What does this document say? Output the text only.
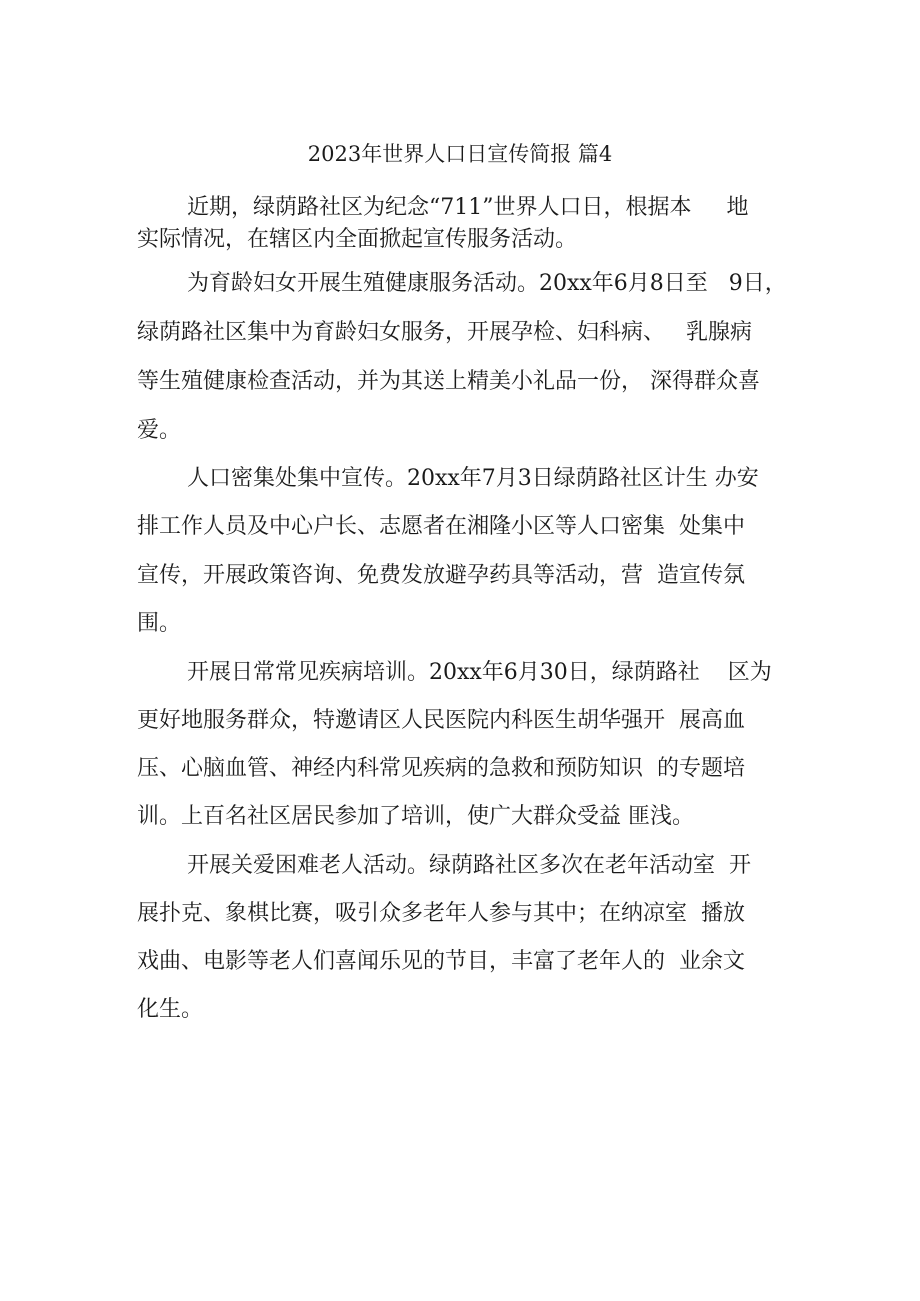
2023年世界人口日宣传简报 篇4
近期，绿荫路社区为纪念“711”世界人口日，根据本     地
实际情况，在辖区内全面掀起宣传服务活动。
为育龄妇女开展生殖健康服务活动。20xx年6月8日至   9日，
绿荫路社区集中为育龄妇女服务，开展孕检、妇科病、   乳腺病
等生殖健康检查活动，并为其送上精美小礼品一份， 深得群众喜
爱。
人口密集处集中宣传。20xx年7月3日绿荫路社区计生 办安
排工作人员及中心户长、志愿者在湘隆小区等人口密集  处集中
宣传，开展政策咨询、免费发放避孕药具等活动，营  造宣传氛
围。
开展日常常见疾病培训。20xx年6月30日，绿荫路社    区为
更好地服务群众，特邀请区人民医院内科医生胡华强开  展高血
压、心脑血管、神经内科常见疾病的急救和预防知识  的专题培
训。上百名社区居民参加了培训，使广大群众受益 匪浅。
开展关爱困难老人活动。绿荫路社区多次在老年活动室  开
展扑克、象棋比赛，吸引众多老年人参与其中；在纳凉室  播放
戏曲、电影等老人们喜闻乐见的节目，丰富了老年人的  业余文
化生。
